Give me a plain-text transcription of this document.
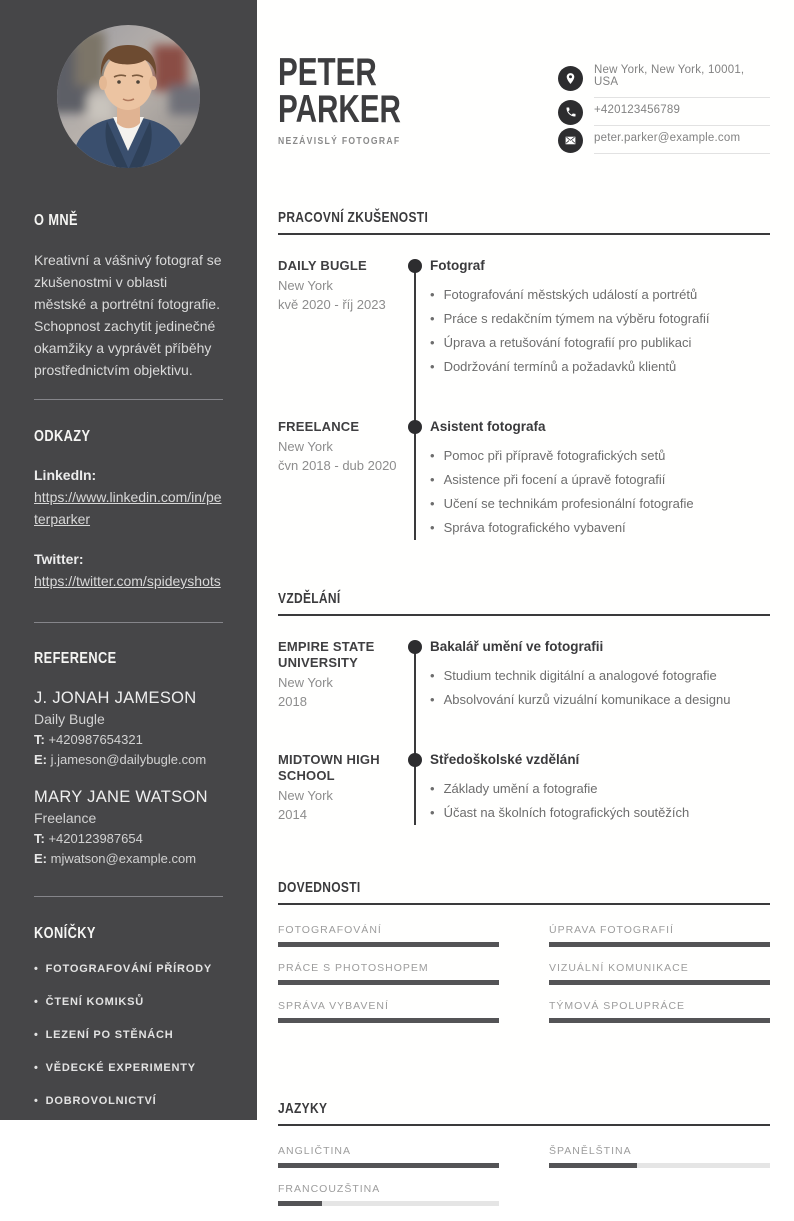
O MNĚ

Kreativní a vášnivý fotograf se zkušenostmi v oblasti městské a portrétní fotografie. Schopnost zachytit jedinečné okamžiky a vyprávět příběhy prostřednictvím objektivu.

ODKAZY
LinkedIn:
https://www.linkedin.com/in/peterparker
Twitter:
https://twitter.com/spideyshots
REFERENCE
J. JONAH JAMESON
Daily Bugle
T: +420987654321
E: j.jameson@dailybugle.com
MARY JANE WATSON
Freelance
T: +420123987654
E: mjwatson@example.com
KONÍČKY
• FOTOGRAFOVÁNÍ PŘÍRODY
• ČTENÍ KOMIKSŮ
• LEZENÍ PO STĚNÁCH
• VĚDECKÉ EXPERIMENTY
• DOBROVOLNICTVÍ
PETER
PARKER
NEZÁVISLÝ FOTOGRAF
New York, New York, 10001, USA
+420123456789
peter.parker@example.com
PRACOVNÍ ZKUŠENOSTI
DAILY BUGLE
New York
kvě 2020 - říj 2023
Fotograf
• Fotografování městských událostí a portrétů
• Práce s redakčním týmem na výběru fotografií
• Úprava a retušování fotografií pro publikaci
• Dodržování termínů a požadavků klientů
FREELANCE
New York
čvn 2018 - dub 2020
Asistent fotografa
• Pomoc při přípravě fotografických setů
• Asistence při focení a úpravě fotografií
• Učení se technikám profesionální fotografie
• Správa fotografického vybavení
VZDĚLÁNÍ
EMPIRE STATE UNIVERSITY
New York
2018
Bakalář umění ve fotografii
• Studium technik digitální a analogové fotografie
• Absolvování kurzů vizuální komunikace a designu
MIDTOWN HIGH SCHOOL
New York
2014
Středoškolské vzdělání
• Základy umění a fotografie
• Účast na školních fotografických soutěžích
DOVEDNOSTI
FOTOGRAFOVÁNÍ	ÚPRAVA FOTOGRAFIÍ
PRÁCE S PHOTOSHOPEM	VIZUÁLNÍ KOMUNIKACE
SPRÁVA VYBAVENÍ	TÝMOVÁ SPOLUPRÁCE
JAZYKY
ANGLIČTINA	ŠPANĚLŠTINA
FRANCOUZŠTINA
